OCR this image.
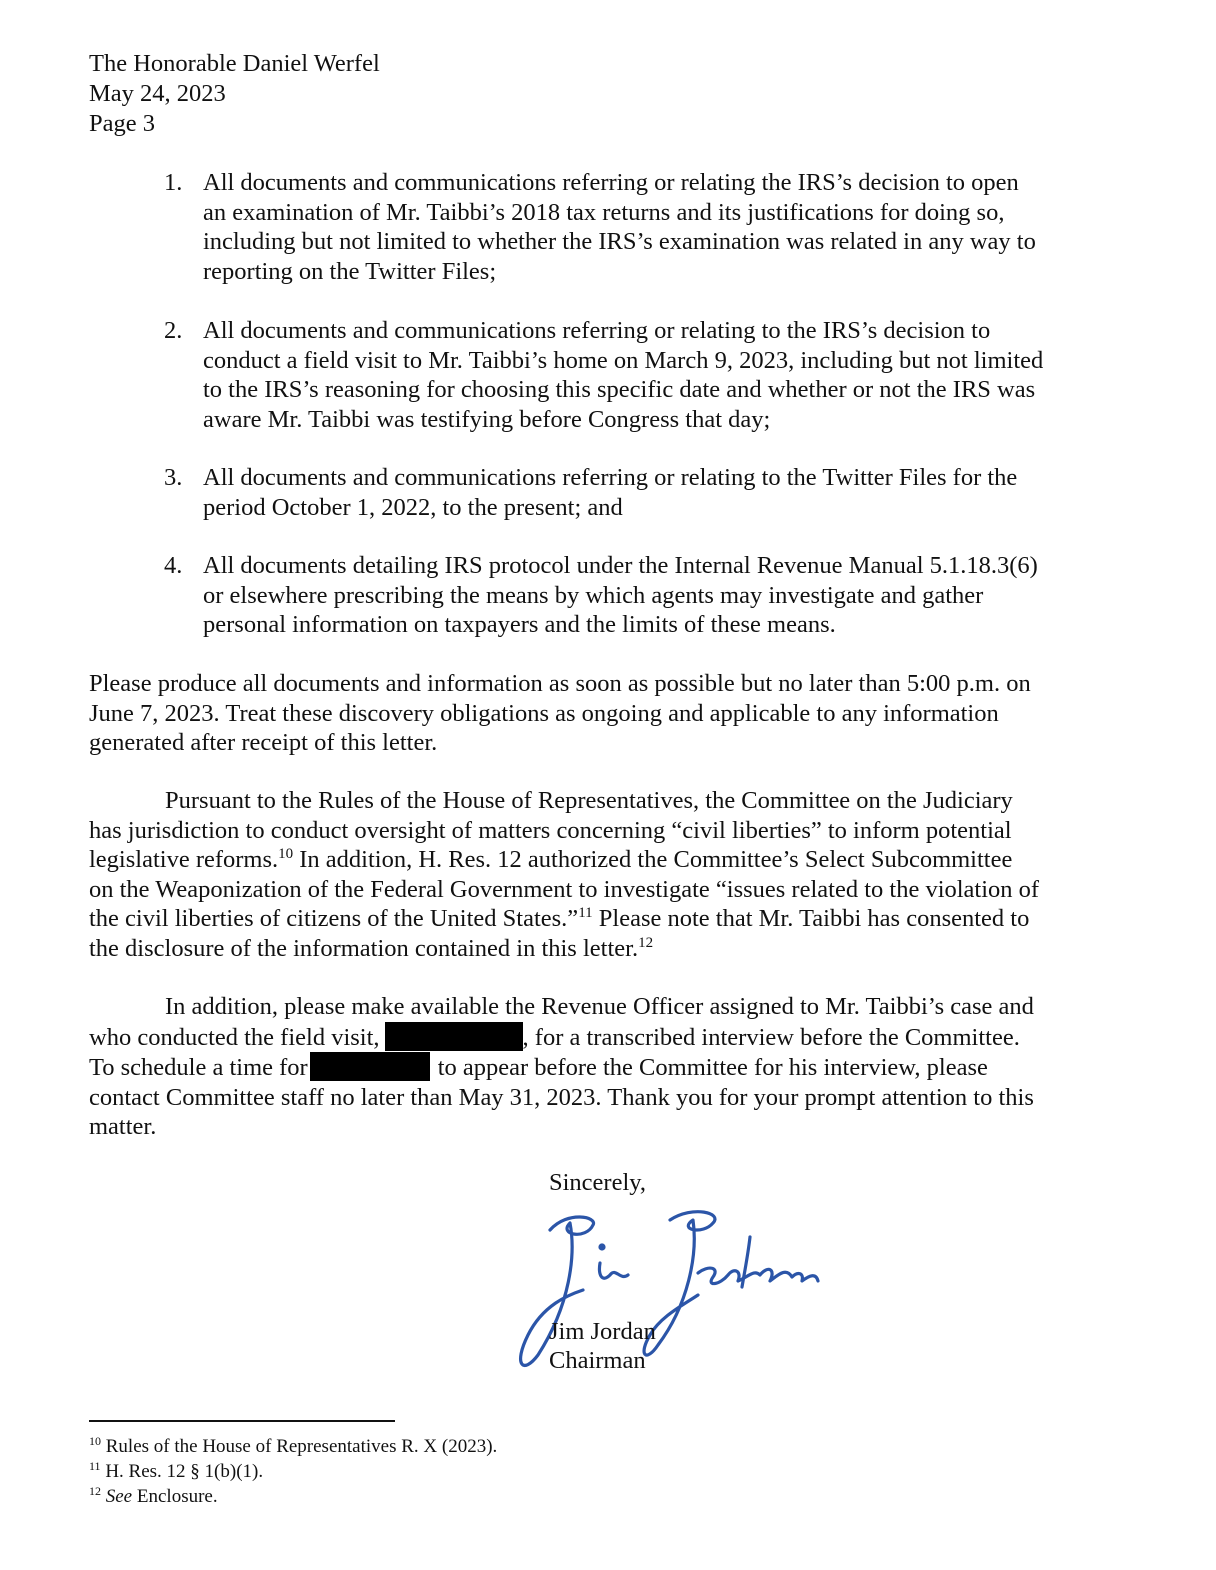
The Honorable Daniel Werfel
May 24, 2023
Page 3
1. All documents and communications referring or relating the IRS’s decision to open
an examination of Mr. Taibbi’s 2018 tax returns and its justifications for doing so,
including but not limited to whether the IRS’s examination was related in any way to
reporting on the Twitter Files;
2. All documents and communications referring or relating to the IRS’s decision to
conduct a field visit to Mr. Taibbi’s home on March 9, 2023, including but not limited
to the IRS’s reasoning for choosing this specific date and whether or not the IRS was
aware Mr. Taibbi was testifying before Congress that day;
3. All documents and communications referring or relating to the Twitter Files for the
period October 1, 2022, to the present; and
4. All documents detailing IRS protocol under the Internal Revenue Manual 5.1.18.3(6)
or elsewhere prescribing the means by which agents may investigate and gather
personal information on taxpayers and the limits of these means.
Please produce all documents and information as soon as possible but no later than 5:00 p.m. on
June 7, 2023. Treat these discovery obligations as ongoing and applicable to any information
generated after receipt of this letter.
Pursuant to the Rules of the House of Representatives, the Committee on the Judiciary
has jurisdiction to conduct oversight of matters concerning “civil liberties” to inform potential
legislative reforms.$^{10}$ In addition, H. Res. 12 authorized the Committee’s Select Subcommittee
on the Weaponization of the Federal Government to investigate “issues related to the violation of
the civil liberties of citizens of the United States.”$^{11}$ Please note that Mr. Taibbi has consented to
the disclosure of the information contained in this letter.$^{12}$
In addition, please make available the Revenue Officer assigned to Mr. Taibbi’s case and
who conducted the field visit,	, for a transcribed interview before the Committee.
To schedule a time for	to appear before the Committee for his interview, please
contact Committee staff no later than May 31, 2023. Thank you for your prompt attention to this
matter.
Sincerely,
Jim Jordan
Chairman
$^{10}$ Rules of the House of Representatives R. X (2023).
$^{11}$ H. Res. 12 § 1(b)(1).
$^{12}$ See Enclosure.
